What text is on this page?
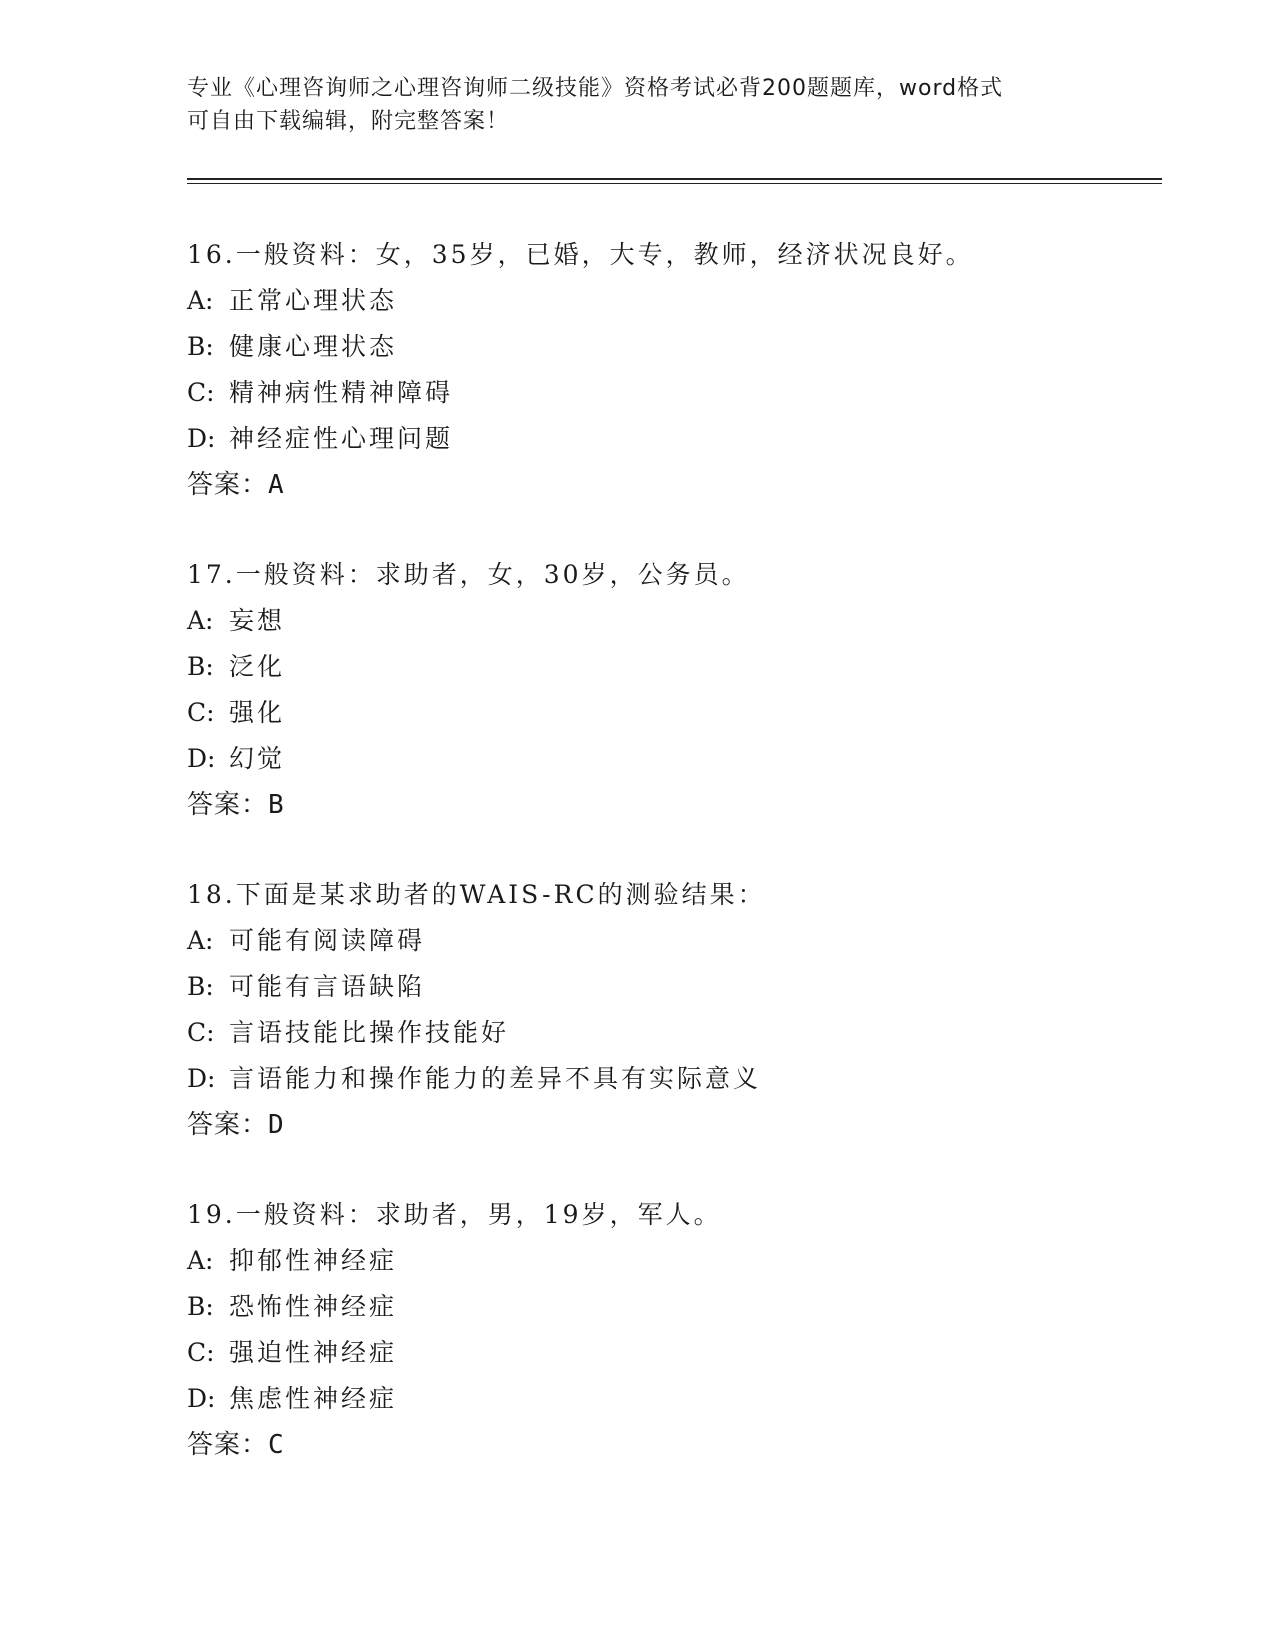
专业《心理咨询师之心理咨询师二级技能》资格考试必背200题题库，word格式
可自由下载编辑，附完整答案！
16.一般资料：女，35岁，已婚，大专，教师，经济状况良好。
A: 正常心理状态
B: 健康心理状态
C: 精神病性精神障碍
D: 神经症性心理问题
答案：A
17.一般资料：求助者，女，30岁，公务员。
A: 妄想
B: 泛化
C: 强化
D: 幻觉
答案：B
18.下面是某求助者的WAIS-RC的测验结果：
A: 可能有阅读障碍
B: 可能有言语缺陷
C: 言语技能比操作技能好
D: 言语能力和操作能力的差异不具有实际意义
答案：D
19.一般资料：求助者，男，19岁，军人。
A: 抑郁性神经症
B: 恐怖性神经症
C: 强迫性神经症
D: 焦虑性神经症
答案：C
